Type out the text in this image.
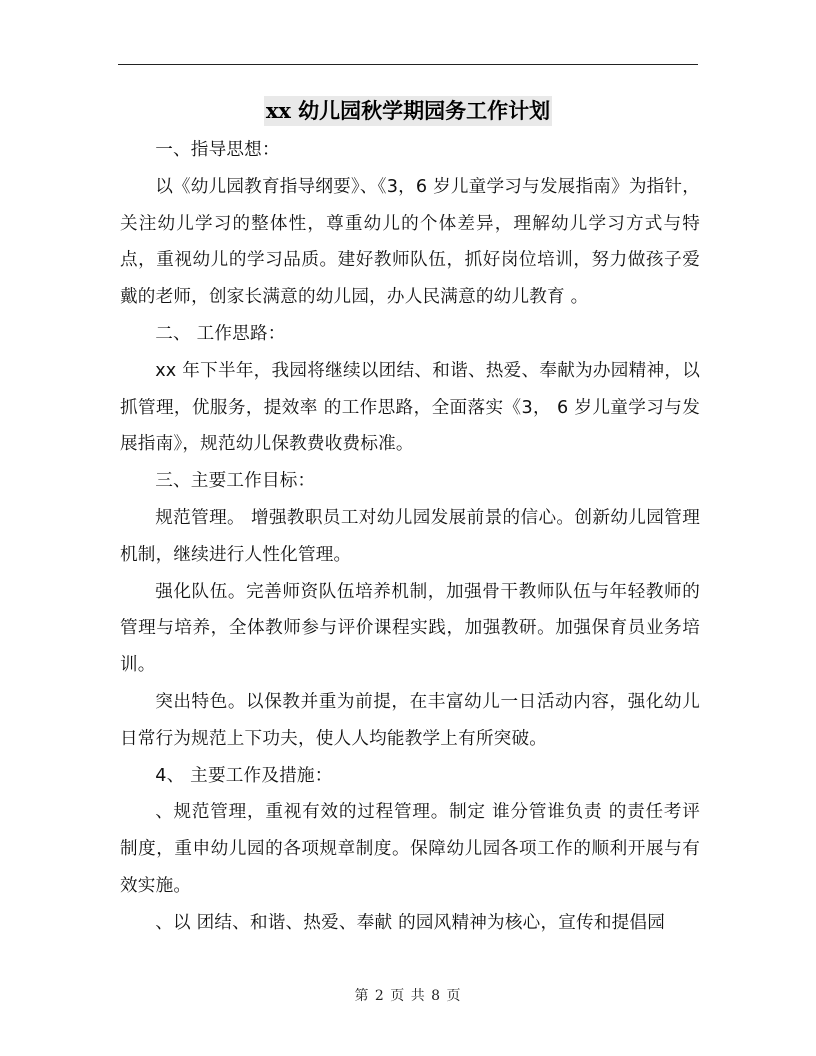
xx 幼儿园秋学期园务工作计划

一、指导思想：

以《幼儿园教育指导纲要》、《3，6 岁儿童学习与发展指南》为指针，关注幼儿学习的整体性，尊重幼儿的个体差异，理解幼儿学习方式与特点，重视幼儿的学习品质。建好教师队伍，抓好岗位培训，努力做孩子爱戴的老师，创家长满意的幼儿园，办人民满意的幼儿教育 。

二、 工作思路：

xx 年下半年，我园将继续以团结、和谐、热爱、奉献为办园精神，以 抓管理，优服务，提效率 的工作思路，全面落实《3， 6 岁儿童学习与发展指南》，规范幼儿保教费收费标准。

三、主要工作目标：

规范管理。 增强教职员工对幼儿园发展前景的信心。创新幼儿园管理机制，继续进行人性化管理。

强化队伍。完善师资队伍培养机制，加强骨干教师队伍与年轻教师的管理与培养，全体教师参与评价课程实践，加强教研。加强保育员业务培训。

突出特色。以保教并重为前提，在丰富幼儿一日活动内容，强化幼儿日常行为规范上下功夫，使人人均能教学上有所突破。

4、 主要工作及措施：

、规范管理，重视有效的过程管理。制定 谁分管谁负责 的责任考评制度，重申幼儿园的各项规章制度。保障幼儿园各项工作的顺利开展与有效实施。

、以 团结、和谐、热爱、奉献 的园风精神为核心，宣传和提倡园

第 2 页 共 8 页
